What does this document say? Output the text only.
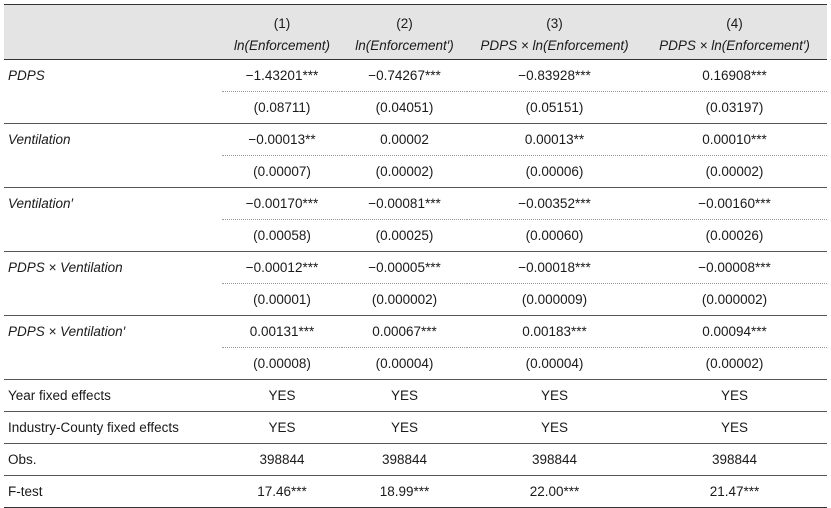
	(1)	(2)	(3)	(4)
	ln(Enforcement)	ln(Enforcement′)	PDPS × ln(Enforcement)	PDPS × ln(Enforcement′)
PDPS	−1.43201***	−0.74267***	−0.83928***	0.16908***
	(0.08711)	(0.04051)	(0.05151)	(0.03197)
Ventilation	−0.00013**	0.00002	0.00013**	0.00010***
	(0.00007)	(0.00002)	(0.00006)	(0.00002)
Ventilation′	−0.00170***	−0.00081***	−0.00352***	−0.00160***
	(0.00058)	(0.00025)	(0.00060)	(0.00026)
PDPS × Ventilation	−0.00012***	−0.00005***	−0.00018***	−0.00008***
	(0.00001)	(0.000002)	(0.000009)	(0.000002)
PDPS × Ventilation′	0.00131***	0.00067***	0.00183***	0.00094***
	(0.00008)	(0.00004)	(0.00004)	(0.00002)
Year fixed effects	YES	YES	YES	YES
Industry-County fixed effects	YES	YES	YES	YES
Obs.	398844	398844	398844	398844
F-test	17.46***	18.99***	22.00***	21.47***
